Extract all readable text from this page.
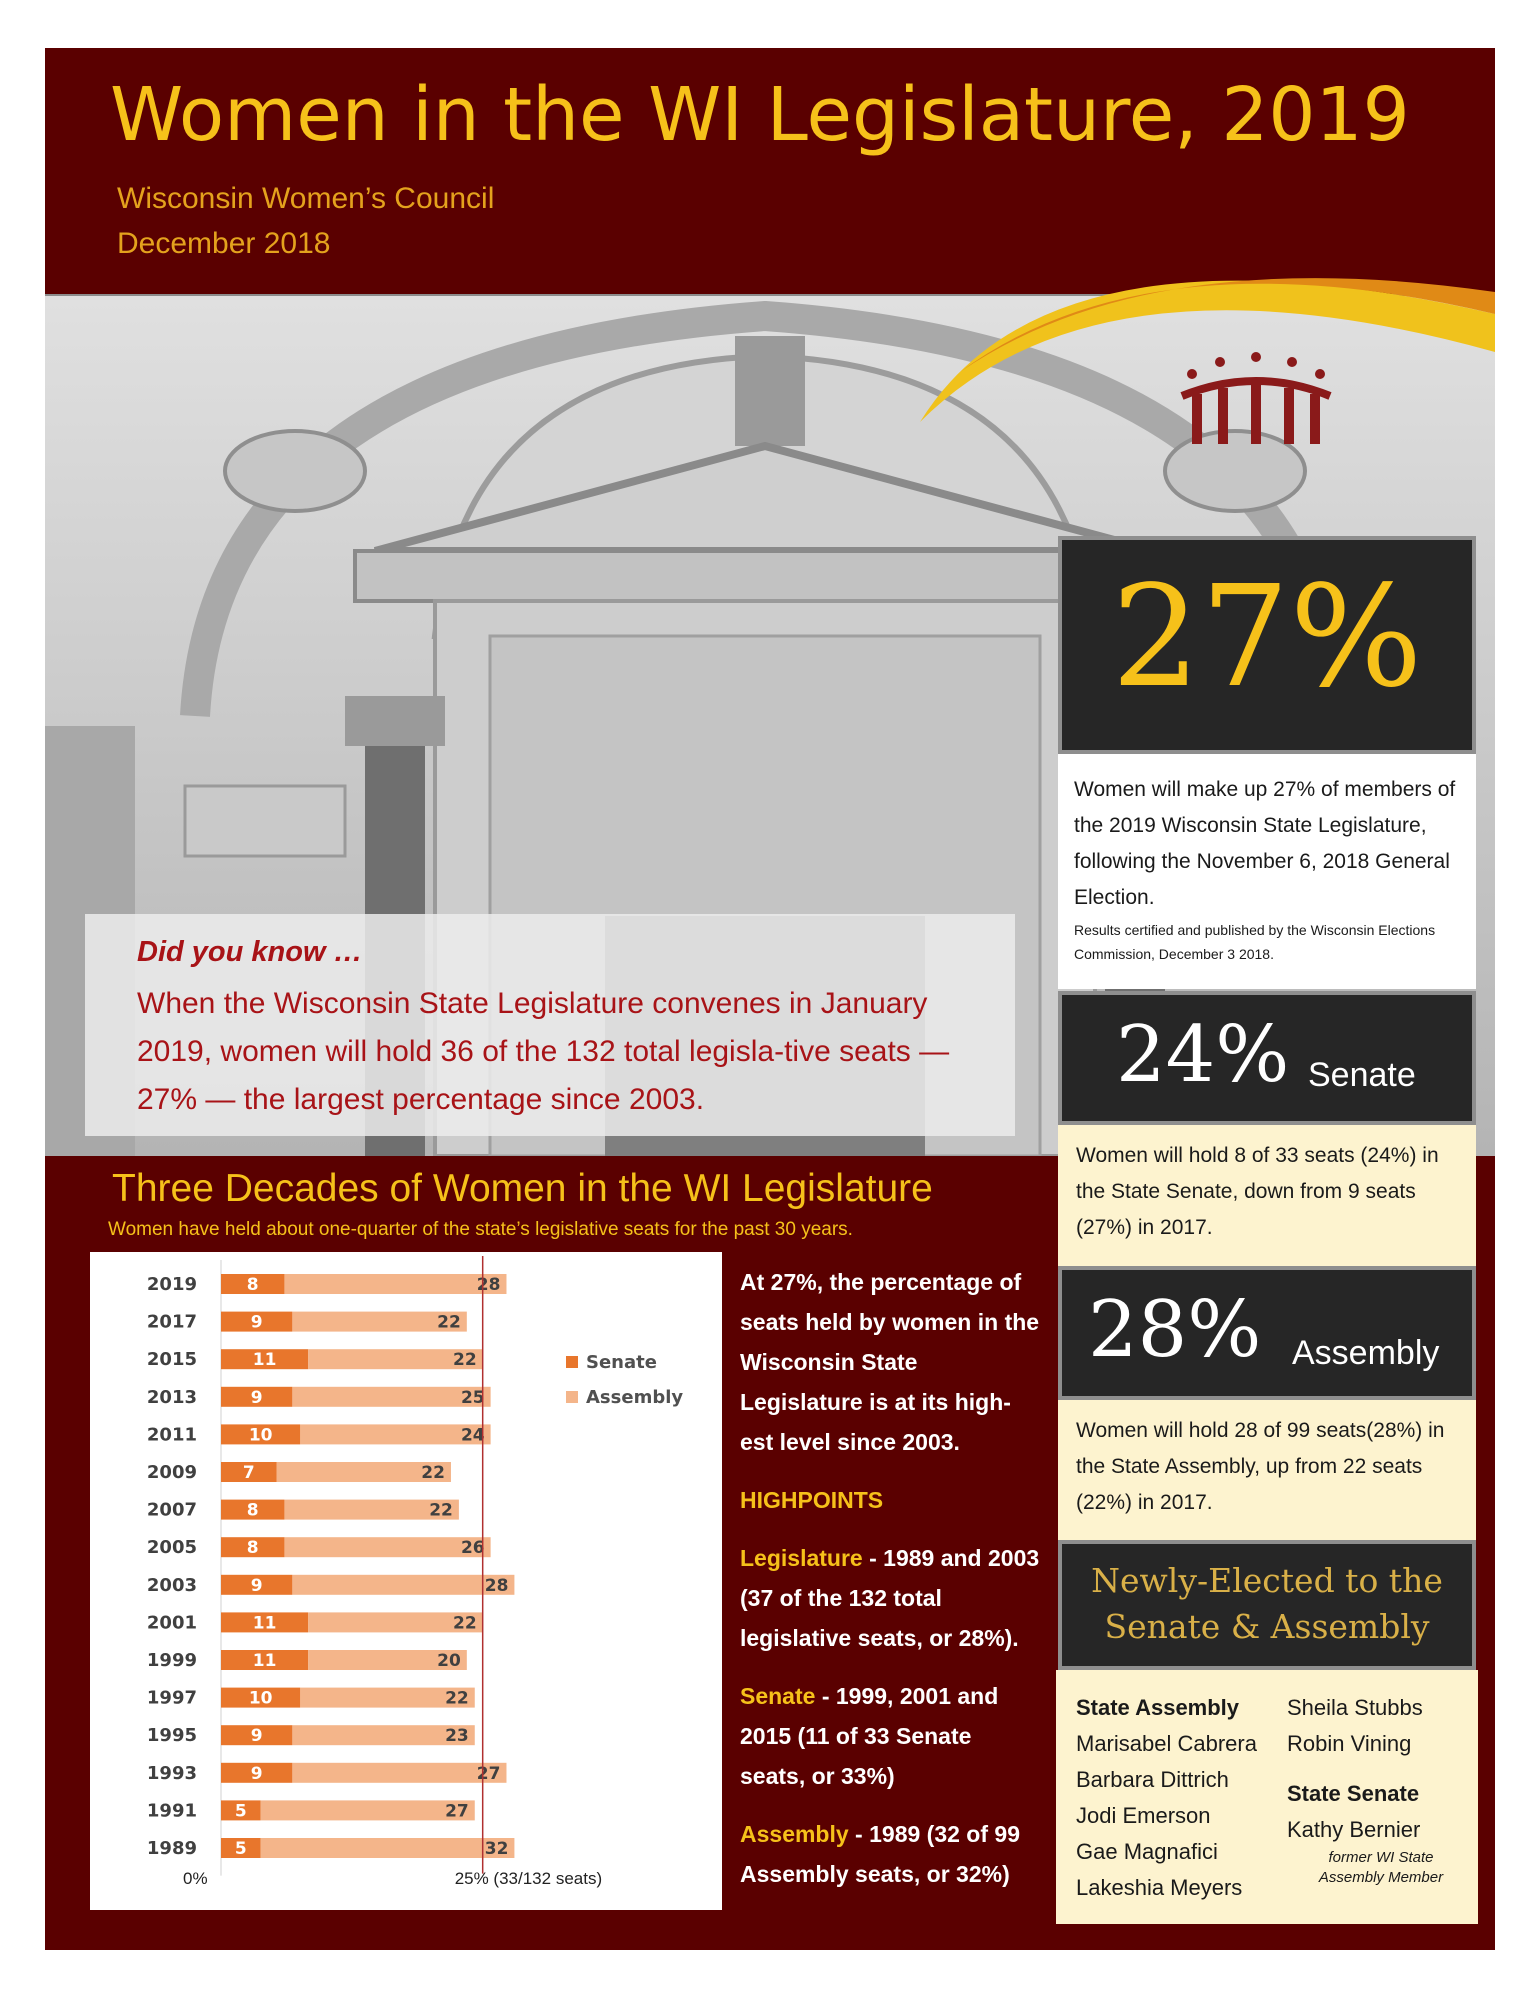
Women in the WI Legislature, 2019
Wisconsin Women’s Council
December 2018
Did you know …
When the Wisconsin State Legislature convenes in January 2019, women will hold 36 of the 132 total legisla-tive seats — 27% — the largest percentage since 2003.
Three Decades of Women in the WI Legislature
Women have held about one-quarter of the state’s legislative seats for the past 30 years.
2019	8	28
2017	9	22
2015	11	22
2013	9	25
2011	10	24
2009	7	22
2007	8	22
2005	8	26
2003	9	28
2001	11	22
1999	11	20
1997	10	22
1995	9	23
1993	9	27
1991 5	27
1989 5	32
0%	25% (33/132 seats)
Senate
Assembly

At 27%, the percentage of seats held by women in the Wisconsin State Legislature is at its high-est level since 2003.

HIGHPOINTS

Legislature - 1989 and 2003 (37 of the 132 total legislative seats, or 28%).

Senate - 1999, 2001 and 2015 (11 of 33 Senate seats, or 33%)

Assembly - 1989 (32 of 99 Assembly seats, or 32%)

27%
Women will make up 27% of members of the 2019 Wisconsin State Legislature, following the November 6, 2018 General Election.
Results certified and published by the Wisconsin Elections Commission, December 3 2018.
24% Senate
Women will hold 8 of 33 seats (24%) in the State Senate, down from 9 seats (27%) in 2017.
28% Assembly
Women will hold 28 of 99 seats(28%) in the State Assembly, up from 22 seats (22%) in 2017.
Newly-Elected to the
Senate & Assembly
State Assembly
Marisabel Cabrera
Barbara Dittrich
Jodi Emerson
Gae Magnafici
Lakeshia Meyers
Sheila Stubbs
Robin Vining
State Senate
Kathy Bernier
former WI State Assembly Member
